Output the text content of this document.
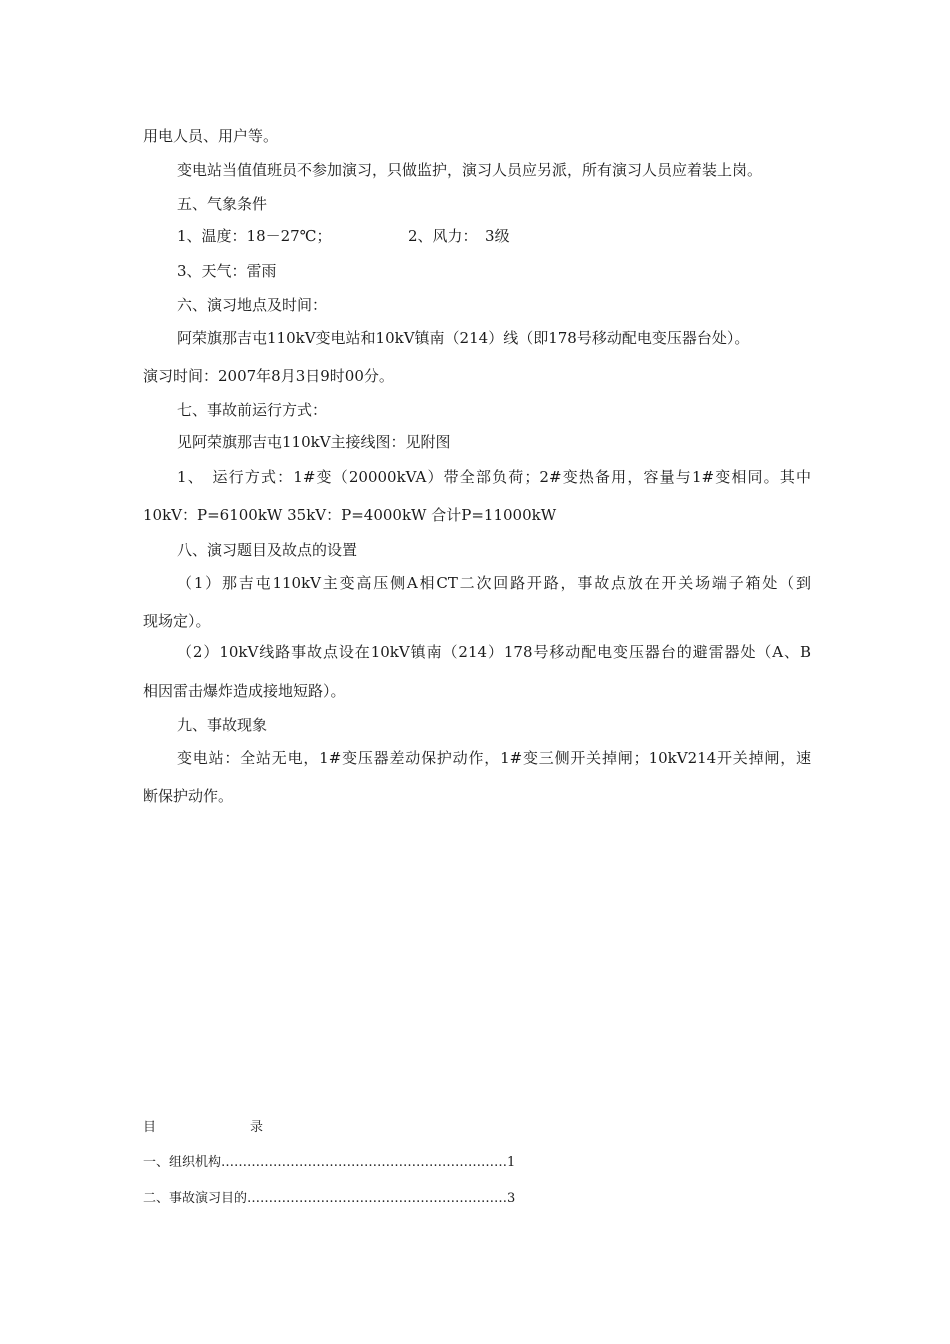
用电人员、用户等。
变电站当值值班员不参加演习，只做监护，演习人员应另派，所有演习人员应着装上岗。
五、气象条件
1、温度：18－27℃；	2、风力：　3级
3、天气：雷雨
六、演习地点及时间：
阿荣旗那吉屯110kV变电站和10kV镇南（214）线（即178号移动配电变压器台处）。
演习时间：2007年8月3日9时00分。
七、事故前运行方式：
见阿荣旗那吉屯110kV主接线图：见附图
1、　运行方式：1#变（20000kVA）带全部负荷；2#变热备用，容量与1#变相同。其中
10kV：P=6100kW 35kV：P=4000kW 合计P=11000kW
八、演习题目及故点的设置
（1）那吉屯110kV主变高压侧A相CT二次回路开路，事故点放在开关场端子箱处（到
现场定）。
（2）10kV线路事故点设在10kV镇南（214）178号移动配电变压器台的避雷器处（A、B
相因雷击爆炸造成接地短路）。
九、事故现象
变电站：全站无电，1#变压器差动保护动作，1#变三侧开关掉闸；10kV214开关掉闸，速
断保护动作。
目	录
一、组织机构…………………………………………………………1
二、事故演习目的……………………………………………………3
